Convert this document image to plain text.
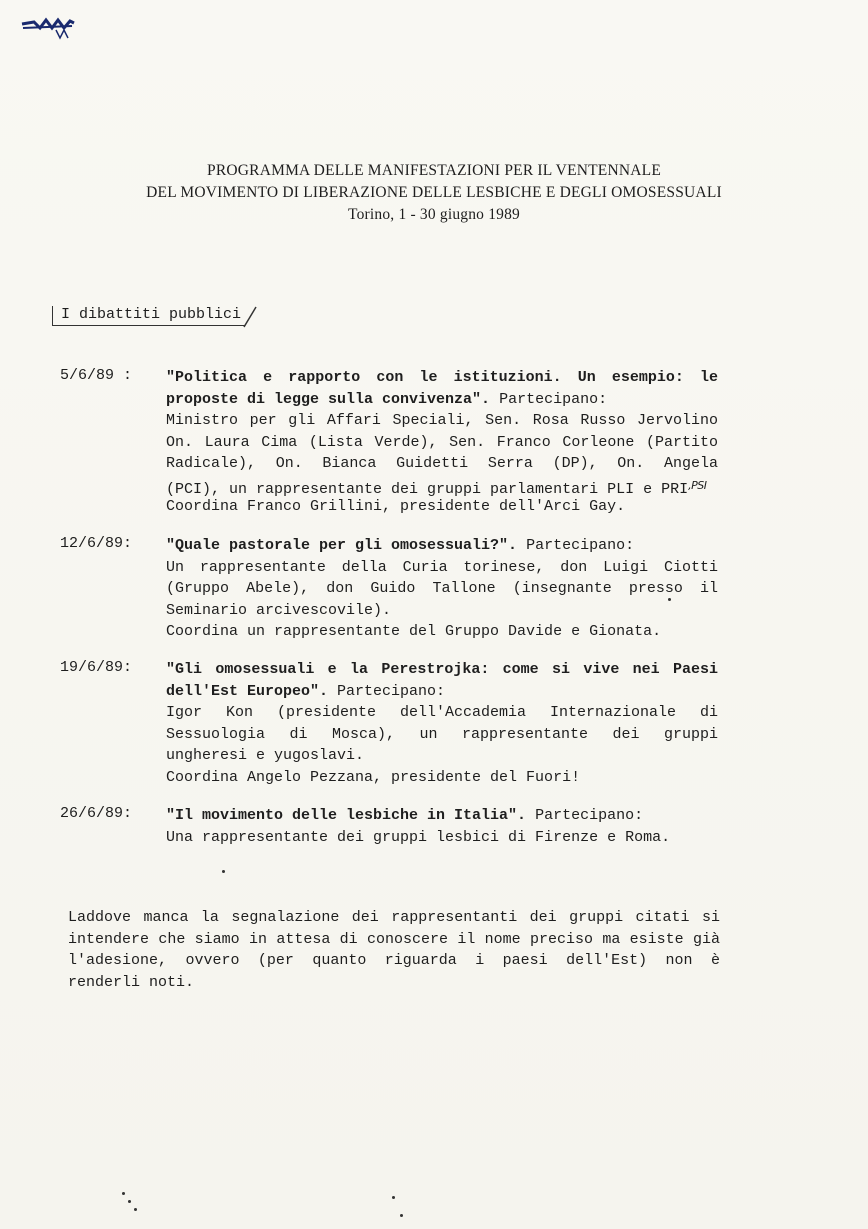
PROGRAMMA DELLE MANIFESTAZIONI PER IL VENTENNALE
DEL MOVIMENTO DI LIBERAZIONE DELLE LESBICHE E DEGLI OMOSESSUALI
Torino, 1 - 30 giugno 1989
I dibattiti pubblici
5/6/89 : "Politica e rapporto con le istituzioni. Un esempio: le
proposte di legge sulla convivenza". Partecipano:
Ministro per gli Affari Speciali, Sen. Rosa Russo Jervolino
On. Laura Cima (Lista Verde), Sen. Franco Corleone (Partito
Radicale), On. Bianca Guidetti Serra (DP), On. Angela
(PCI), un rappresentante dei gruppi parlamentari PLI e $PRI^{,PSI}$
Coordina Franco Grillini, presidente dell'Arci Gay.
12/6/89: "Quale pastorale per gli omosessuali?". Partecipano:
Un rappresentante della Curia torinese, don Luigi Ciotti
(Gruppo Abele), don Guido Tallone (insegnante presso il
Seminario arcivescovile).
Coordina un rappresentante del Gruppo Davide e Gionata.
19/6/89: "Gli omosessuali e la Perestrojka: come si vive nei Paesi
dell'Est Europeo". Partecipano:
Igor Kon (presidente dell'Accademia Internazionale di
Sessuologia di Mosca), un rappresentante dei gruppi
ungheresi e yugoslavi.
Coordina Angelo Pezzana, presidente del Fuori!
26/6/89: "Il movimento delle lesbiche in Italia". Partecipano:
Una rappresentante dei gruppi lesbici di Firenze e Roma.
Laddove manca la segnalazione dei rappresentanti dei gruppi citati si
intendere che siamo in attesa di conoscere il nome preciso ma esiste già
l'adesione, ovvero (per quanto riguarda i paesi dell'Est) non è
renderli noti.
